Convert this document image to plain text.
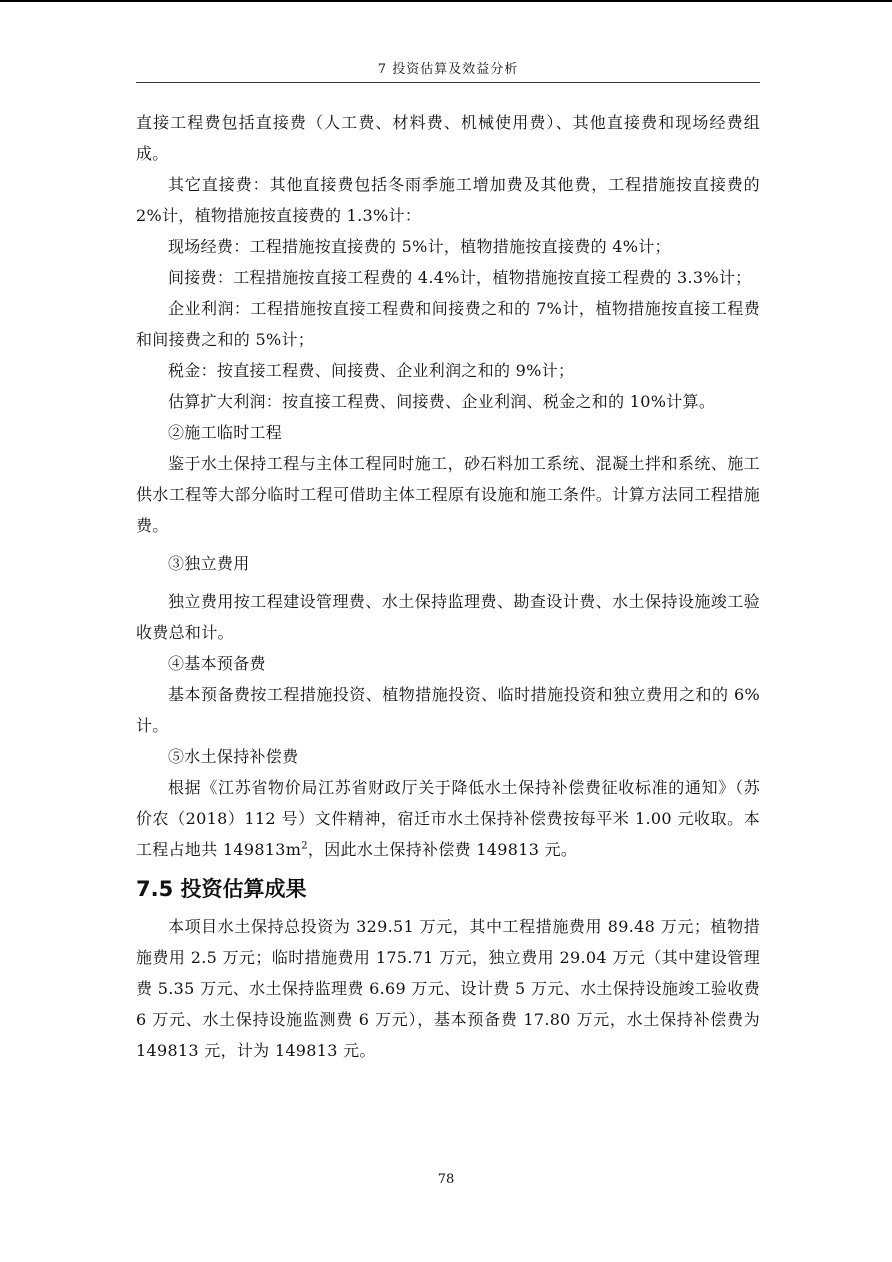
7 投资估算及效益分析

直接工程费包括直接费（人工费、材料费、机械使用费）、其他直接费和现场经费组成。

其它直接费：其他直接费包括冬雨季施工增加费及其他费，工程措施按直接费的 2%计，植物措施按直接费的 1.3%计：

现场经费：工程措施按直接费的 5%计，植物措施按直接费的 4%计；

间接费：工程措施按直接工程费的 4.4%计，植物措施按直接工程费的 3.3%计；

企业利润：工程措施按直接工程费和间接费之和的 7%计，植物措施按直接工程费和间接费之和的 5%计；

税金：按直接工程费、间接费、企业利润之和的 9%计；

估算扩大利润：按直接工程费、间接费、企业利润、税金之和的 10%计算。

②施工临时工程

鉴于水土保持工程与主体工程同时施工，砂石料加工系统、混凝土拌和系统、施工供水工程等大部分临时工程可借助主体工程原有设施和施工条件。计算方法同工程措施费。

③独立费用

独立费用按工程建设管理费、水土保持监理费、勘查设计费、水土保持设施竣工验收费总和计。

④基本预备费

基本预备费按工程措施投资、植物措施投资、临时措施投资和独立费用之和的 6%计。

⑤水土保持补偿费

根据《江苏省物价局江苏省财政厅关于降低水土保持补偿费征收标准的通知》（苏价农（2018）112 号）文件精神，宿迁市水土保持补偿费按每平米 1.00 元收取。本工程占地共 $149813m^2$，因此水土保持补偿费 149813 元。

7.5 投资估算成果

本项目水土保持总投资为 329.51 万元，其中工程措施费用 89.48 万元；植物措施费用 2.5 万元；临时措施费用 175.71 万元，独立费用 29.04 万元（其中建设管理费 5.35 万元、水土保持监理费 6.69 万元、设计费 5 万元、水土保持设施竣工验收费 6 万元、水土保持设施监测费 6 万元），基本预备费 17.80 万元，水土保持补偿费为 149813 元，计为 149813 元。

78
